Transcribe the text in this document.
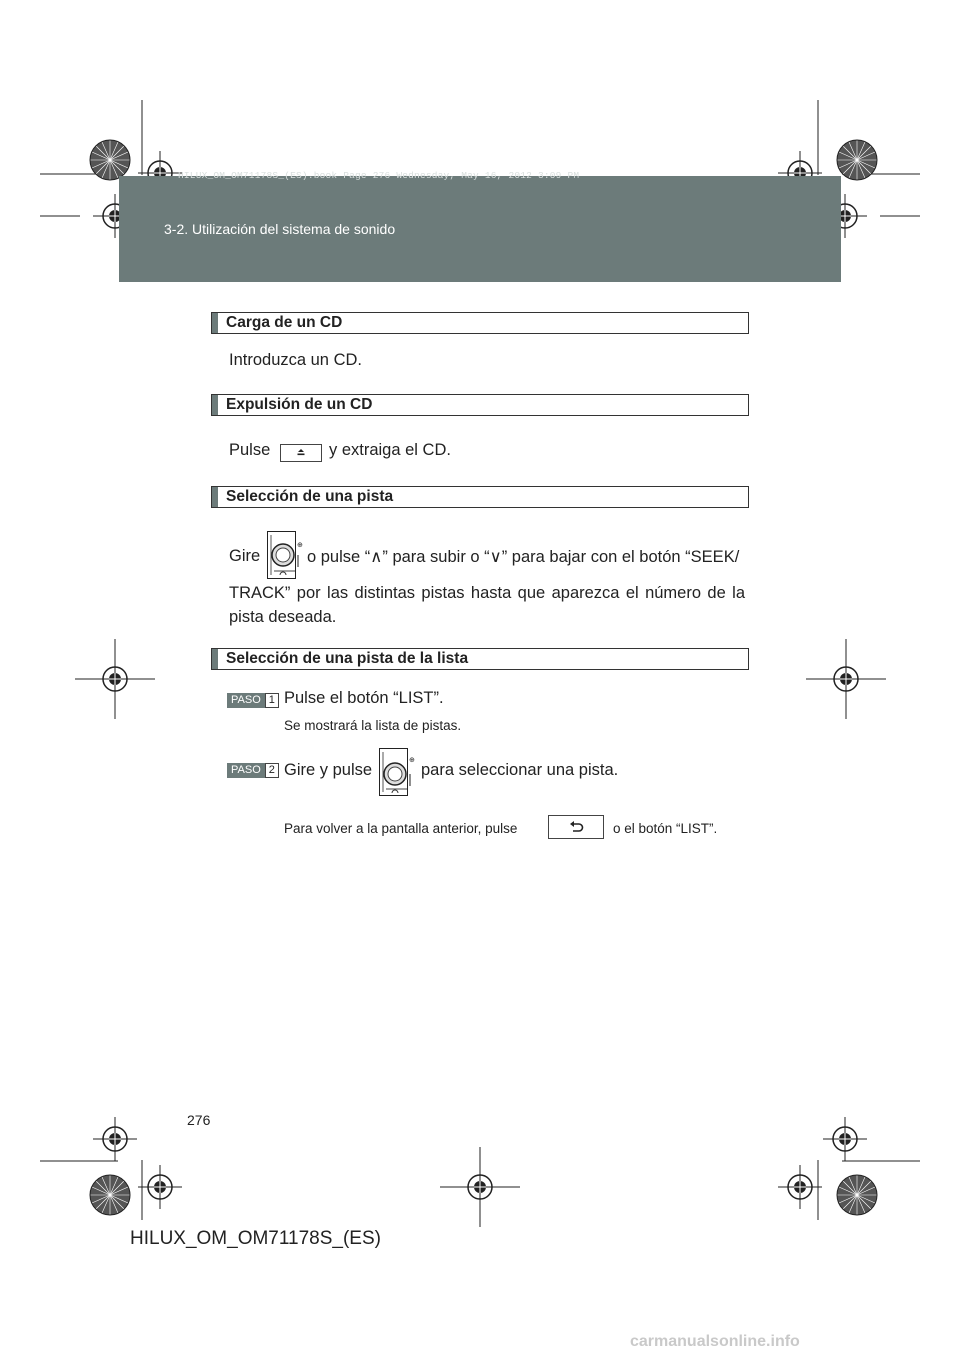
HILUX_OM_OM71178S_(ES).book Page 276 Wednesday, May 16, 2012 3:09 PM
3-2. Utilización del sistema de sonido
Carga de un CD
Introduzca un CD.
Expulsión de un CD
Pulse	y extraiga el CD.
Selección de una pista
Gire
⊕
o pulse “∧” para subir o “∨” para bajar con el botón “SEEK/
TRACK” por las distintas pistas hasta que aparezca el número de la
pista deseada.
Selección de una pista de la lista
PASO 1 Pulse el botón “LIST”.
Se mostrará la lista de pistas.
PASO 2 Gire y pulse
⊕
para seleccionar una pista.
Para volver a la pantalla anterior, pulse	o el botón “LIST”.
276
HILUX_OM_OM71178S_(ES)
carmanualsonline.info
